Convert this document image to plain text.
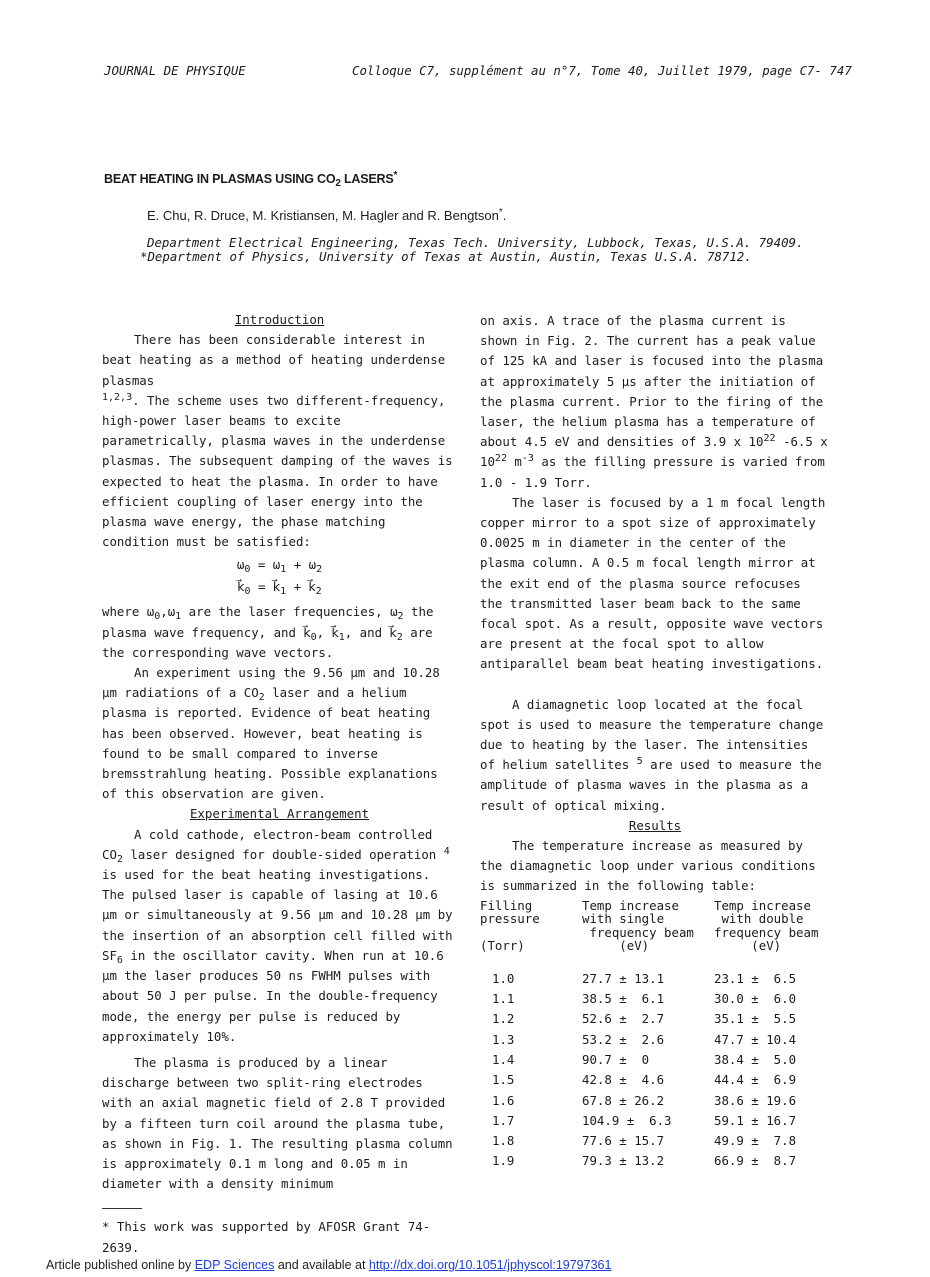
JOURNAL DE PHYSIQUE	Colloque C7, supplément au n°7, Tome 40, Juillet 1979, page C7- 747
BEAT HEATING IN PLASMAS USING $CO_2$ LASERS*
E. Chu, R. Druce, M. Kristiansen, M. Hagler and R. Bengtson*.
Department Electrical Engineering, Texas Tech. University, Lubbock, Texas, U.S.A. 79409.
*Department of Physics, University of Texas at Austin, Austin, Texas U.S.A. 78712.

Introduction

There has been considerable interest in beat heating as a method of heating underdense plasmas
$^{1,2,3}$. The scheme uses two different-frequency, high-power laser beams to excite parametrically, plasma waves in the underdense plasmas. The subsequent damping of the waves is expected to heat the plasma. In order to have efficient coupling of laser energy into the plasma wave energy, the phase matching condition must be satisfied:

$\omega_0 = \omega_1 + \omega_2$

$k⃗_0$ = $k⃗_1$ + $k⃗_2$

where $\omega_0,\omega_1$ are the laser frequencies, $\omega_2$ the plasma wave frequency, and $k⃗_0$, $k⃗_1$, and $k⃗_2$ are the corresponding wave vectors.

An experiment using the 9.56 μm and 10.28 μm radiations of a $CO_2$ laser and a helium plasma is reported. Evidence of beat heating has been observed. However, beat heating is found to be small compared to inverse bremsstrahlung heating. Possible explanations of this observation are given.

Experimental Arrangement

A cold cathode, electron-beam controlled $CO_2$ laser designed for double-sided operation $^4$ is used for the beat heating investigations. The pulsed laser is capable of lasing at 10.6 μm or simultaneously at 9.56 μm and 10.28 μm by the insertion of an absorption cell filled with $SF_6$ in the oscillator cavity. When run at 10.6 μm the laser produces 50 ns FWHM pulses with about 50 J per pulse. In the double-frequency mode, the energy per pulse is reduced by approximately 10%.

The plasma is produced by a linear discharge between two split-ring electrodes with an axial magnetic field of 2.8 T provided by a fifteen turn coil around the plasma tube, as shown in Fig. 1. The resulting plasma column is approximately 0.1 m long and 0.05 m in diameter with a density minimum

* This work was supported by AFOSR Grant 74-2639.

on axis. A trace of the plasma current is shown in Fig. 2. The current has a peak value of 125 kA and laser is focused into the plasma at approximately 5 μs after the initiation of the plasma current. Prior to the firing of the laser, the helium plasma has a temperature of about 4.5 eV and densities of 3.9 x $10^{22}$ -6.5 x $10^{22}$ $m^{-3}$ as the filling pressure is varied from 1.0 - 1.9 Torr.

The laser is focused by a 1 m focal length copper mirror to a spot size of approximately 0.0025 m in diameter in the center of the plasma column. A 0.5 m focal length mirror at the exit end of the plasma source refocuses the transmitted laser beam back to the same focal spot. As a result, opposite wave vectors are present at the focal spot to allow antiparallel beam beat heating investigations.

A diamagnetic loop located at the focal spot is used to measure the temperature change due to heating by the laser. The intensities of helium satellites $^5$ are used to measure the amplitude of plasma waves in the plasma as a result of optical mixing.

Results

The temperature increase as measured by the diamagnetic loop under various conditions is summarized in the following table:

Filling
pressure

(Torr)	Temp increase
with single
frequency beam
(eV)	Temp increase
with double
frequency beam
(eV)
1.0	27.7 ± 13.1	23.1 ±  6.5
1.1	38.5 ±  6.1	30.0 ±  6.0
1.2	52.6 ±  2.7	35.1 ±  5.5
1.3	53.2 ±  2.6	47.7 ± 10.4
1.4	90.7 ±  0	38.4 ±  5.0
1.5	42.8 ±  4.6	44.4 ±  6.9
1.6	67.8 ± 26.2	38.6 ± 19.6
1.7	104.9 ±  6.3	59.1 ± 16.7
1.8	77.6 ± 15.7	49.9 ±  7.8
1.9	79.3 ± 13.2	66.9 ±  8.7
Article published online by EDP Sciences and available at http://dx.doi.org/10.1051/jphyscol:19797361
